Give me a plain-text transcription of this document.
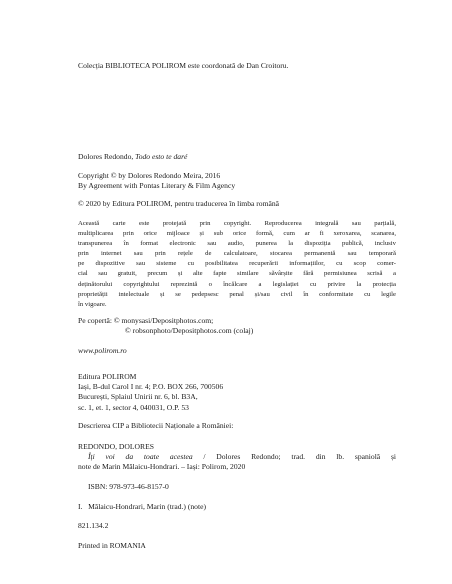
Colecția BIBLIOTECA POLIROM este coordonată de Dan Croitoru.

Dolores Redondo, Todo esto te daré

Copyright © by Dolores Redondo Meira, 2016
By Agreement with Pontas Literary & Film Agency

© 2020 by Editura POLIROM, pentru traducerea în limba română

Această carte este protejată prin copyright. Reproducerea integrală sau parțială,
multiplicarea prin orice mijloace și sub orice formă, cum ar fi xeroxarea, scanarea,
transpunerea în format electronic sau audio, punerea la dispoziția publică, inclusiv
prin internet sau prin rețele de calculatoare, stocarea permanentă sau temporară
pe dispozitive sau sisteme cu posibilitatea recuperării informațiilor, cu scop comer-
cial sau gratuit, precum și alte fapte similare săvârșite fără permisiunea scrisă a
deținătorului copyrightului reprezintă o încălcare a legislației cu privire la protecția
proprietății intelectuale și se pedepsesc penal și/sau civil în conformitate cu legile
în vigoare.
Pe copertă: © monysasi/Depositphotos.com;
© robsonphoto/Depositphotos.com (colaj)

www.polirom.ro

Editura POLIROM
Iași, B-dul Carol I nr. 4; P.O. BOX 266, 700506
București, Splaiul Unirii nr. 6, bl. B3A,
sc. 1, et. 1, sector 4, 040031, O.P. 53

Descrierea CIP a Bibliotecii Naționale a României:

REDONDO, DOLORES

Îți voi da toate acestea / Dolores Redondo; trad. din lb. spaniolă și
note de Marin Mălaicu-Hondrari. – Iași: Polirom, 2020

ISBN: 978-973-46-8157-0

I.   Mălaicu-Hondrari, Marin (trad.) (note)

821.134.2

Printed in ROMANIA
